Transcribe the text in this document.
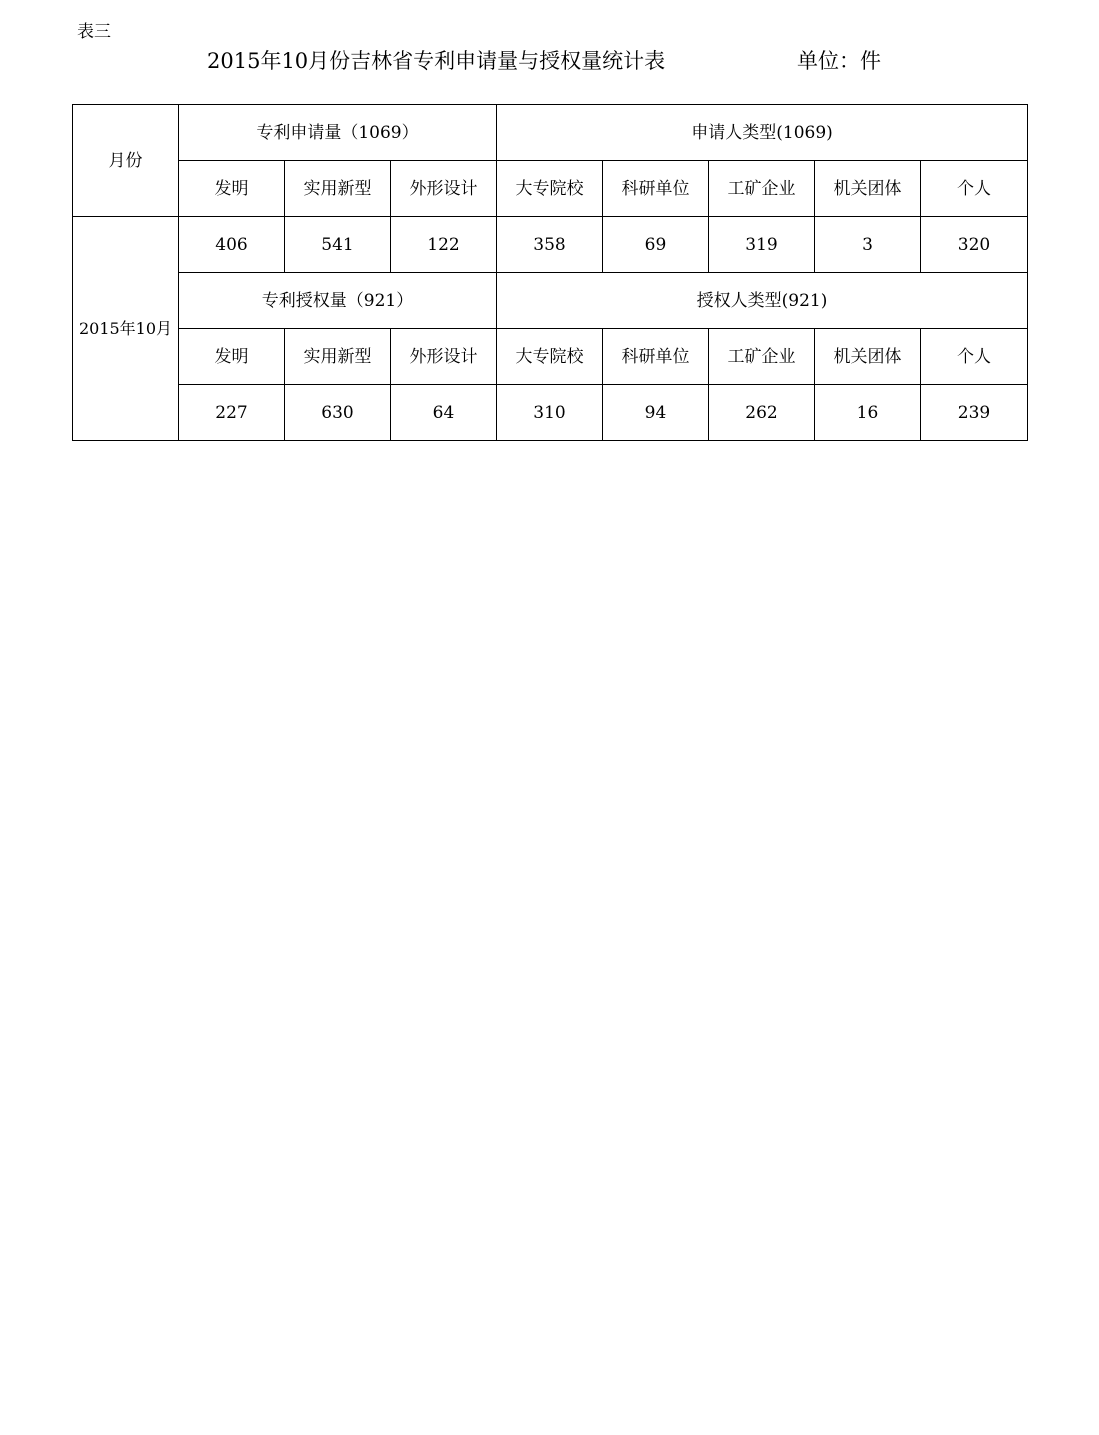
表三
2015年10月份吉林省专利申请量与授权量统计表	单位：件
月份	专利申请量（1069）			申请人类型(1069)				
	发明	实用新型	外形设计	大专院校	科研单位	工矿企业	机关团体	个人
2015年10月	406	541	122	358	69	319	3	320
	专利授权量（921）			授权人类型(921)				
	发明	实用新型	外形设计	大专院校	科研单位	工矿企业	机关团体	个人
	227	630	64	310	94	262	16	239
